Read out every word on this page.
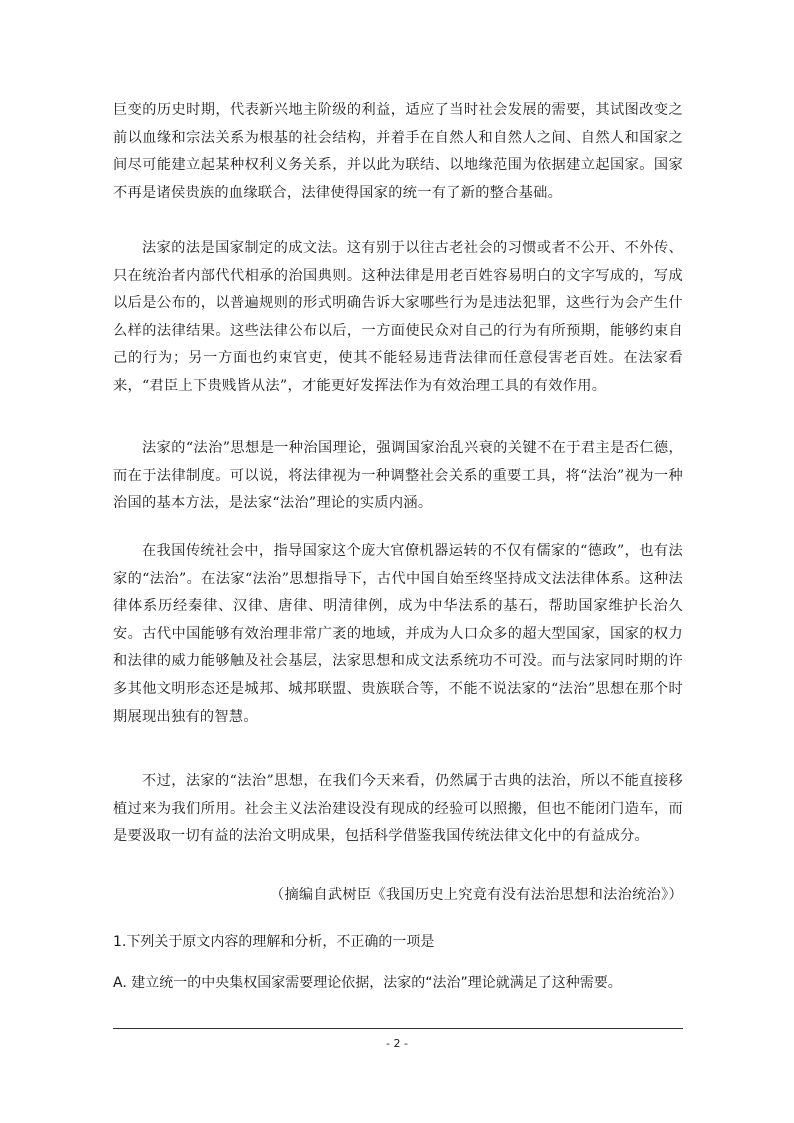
巨变的历史时期，代表新兴地主阶级的利益，适应了当时社会发展的需要，其试图改变之前以血缘和宗法关系为根基的社会结构，并着手在自然人和自然人之间、自然人和国家之间尽可能建立起某种权利义务关系，并以此为联结、以地缘范围为依据建立起国家。国家不再是诸侯贵族的血缘联合，法律使得国家的统一有了新的整合基础。

法家的法是国家制定的成文法。这有别于以往古老社会的习惯或者不公开、不外传、只在统治者内部代代相承的治国典则。这种法律是用老百姓容易明白的文字写成的，写成以后是公布的，以普遍规则的形式明确告诉大家哪些行为是违法犯罪，这些行为会产生什么样的法律结果。这些法律公布以后，一方面使民众对自己的行为有所预期，能够约束自己的行为；另一方面也约束官吏，使其不能轻易违背法律而任意侵害老百姓。在法家看来，“君臣上下贵贱皆从法”，才能更好发挥法作为有效治理工具的有效作用。

法家的“法治”思想是一种治国理论，强调国家治乱兴衰的关键不在于君主是否仁德，而在于法律制度。可以说，将法律视为一种调整社会关系的重要工具，将“法治”视为一种治国的基本方法，是法家“法治”理论的实质内涵。

在我国传统社会中，指导国家这个庞大官僚机器运转的不仅有儒家的“德政”，也有法家的“法治”。在法家“法治”思想指导下，古代中国自始至终坚持成文法法律体系。这种法律体系历经秦律、汉律、唐律、明清律例，成为中华法系的基石，帮助国家维护长治久安。古代中国能够有效治理非常广袤的地域，并成为人口众多的超大型国家，国家的权力和法律的威力能够触及社会基层，法家思想和成文法系统功不可没。而与法家同时期的许多其他文明形态还是城邦、城邦联盟、贵族联合等，不能不说法家的“法治”思想在那个时期展现出独有的智慧。

不过，法家的“法治”思想，在我们今天来看，仍然属于古典的法治，所以不能直接移植过来为我们所用。社会主义法治建设没有现成的经验可以照搬，但也不能闭门造车，而是要汲取一切有益的法治文明成果，包括科学借鉴我国传统法律文化中的有益成分。

（摘编自武树臣《我国历史上究竟有没有法治思想和法治统治》）

1.下列关于原文内容的理解和分析，不正确的一项是

A. 建立统一的中央集权国家需要理论依据，法家的“法治”理论就满足了这种需要。

- 2 -
